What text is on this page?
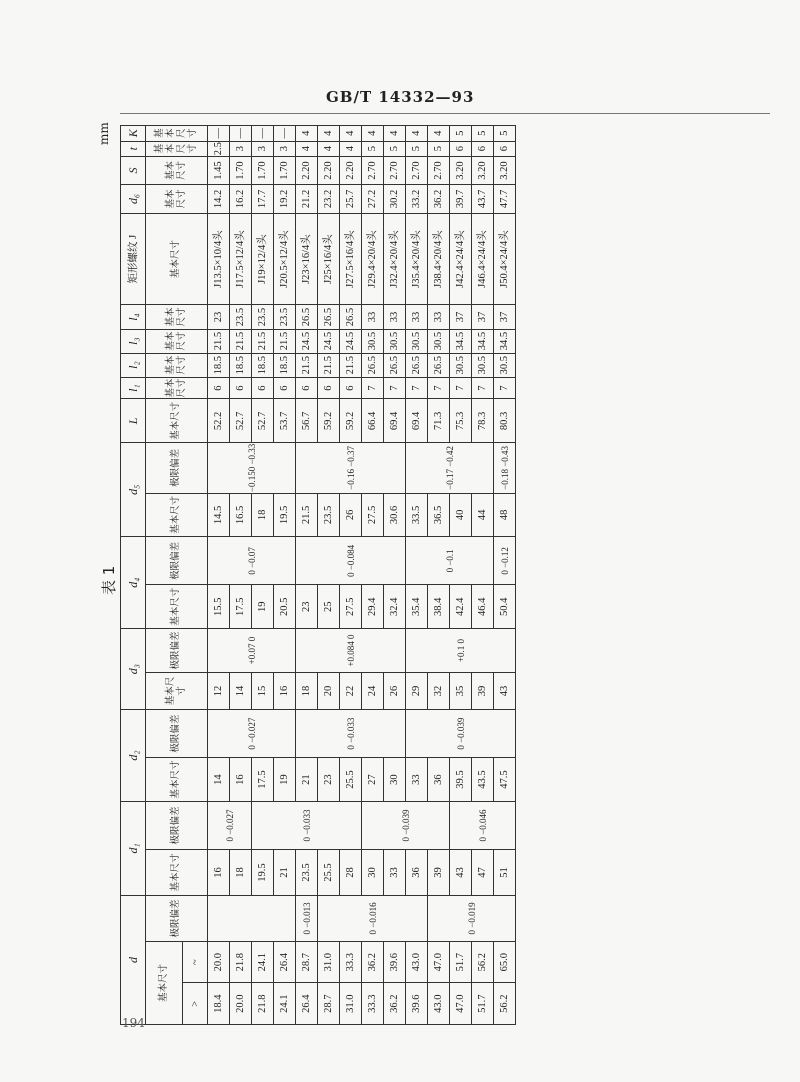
GB/T 14332—93
表 1
mm
d			d₁		d₂		d₃		d₄		d₅		L	l₁	l₂	l₃	l₄	矩形螺纹 J	d₆	S	t	K
基本尺寸		极限偏差	基本尺寸	极限偏差	基本尺寸	极限偏差	基本尺寸	极限偏差	基本尺寸	极限偏差	基本尺寸	极限偏差	基本尺寸	基本尺寸	基本尺寸	基本尺寸	基本尺寸	基本尺寸	基本尺寸	基本尺寸	基本尺寸	基本尺寸
>	~																					
18.4	20.0		16	0 −0.027	14	0 −0.027	12	+0.07 0	15.5	0 −0.07	14.5	−0.150 −0.33	52.2	6	18.5	21.5	23	J13.5×10/4头	14.2	1.45	2.5	—
20.0	21.8		18		16		14		17.5		16.5		52.7	6	18.5	21.5	23.5	J17.5×12/4头	16.2	1.70	3	—
21.8	24.1		19.5	0 −0.033	17.5		15		19		18		52.7	6	18.5	21.5	23.5	J19×12/4头	17.7	1.70	3	—
24.1	26.4		21		19		16		20.5		19.5		53.7	6	18.5	21.5	23.5	J20.5×12/4头	19.2	1.70	3	—
26.4	28.7	0 −0.013	23.5		21	0 −0.033	18	+0.084 0	23	0 −0.084	21.5	−0.16 −0.37	56.7	6	21.5	24.5	26.5	J23×16/4头	21.2	2.20	4	4
28.7	31.0	0 −0.016	25.5		23		20		25		23.5		59.2	6	21.5	24.5	26.5	J25×16/4头	23.2	2.20	4	4
31.0	33.3		28		25.5		22		27.5		26		59.2	6	21.5	24.5	26.5	J27.5×16/4头	25.7	2.20	4	4
33.3	36.2		30	0 −0.039	27		24		29.4		27.5		66.4	7	26.5	30.5	33	J29.4×20/4头	27.2	2.70	5	4
36.2	39.6		33		30		26		32.4		30.6		69.4	7	26.5	30.5	33	J32.4×20/4头	30.2	2.70	5	4
39.6	43.0		36		33	0 −0.039	29	+0.1 0	35.4	0 −0.1	33.5	−0.17 −0.42	69.4	7	26.5	30.5	33	J35.4×20/4头	33.2	2.70	5	4
43.0	47.0	0 −0.019	39		36		32		38.4		36.5		71.3	7	26.5	30.5	33	J38.4×20/4头	36.2	2.70	5	4
47.0	51.7		43	0 −0.046	39.5		35		42.4		40		75.3	7	30.5	34.5	37	J42.4×24/4头	39.7	3.20	6	5
51.7	56.2		47		43.5		39		46.4		44		78.3	7	30.5	34.5	37	J46.4×24/4头	43.7	3.20	6	5
56.2	65.0		51		47.5		43		50.4	0 −0.12	48	−0.18 −0.43	80.3	7	30.5	34.5	37	J50.4×24/4头	47.7	3.20	6	5
194
